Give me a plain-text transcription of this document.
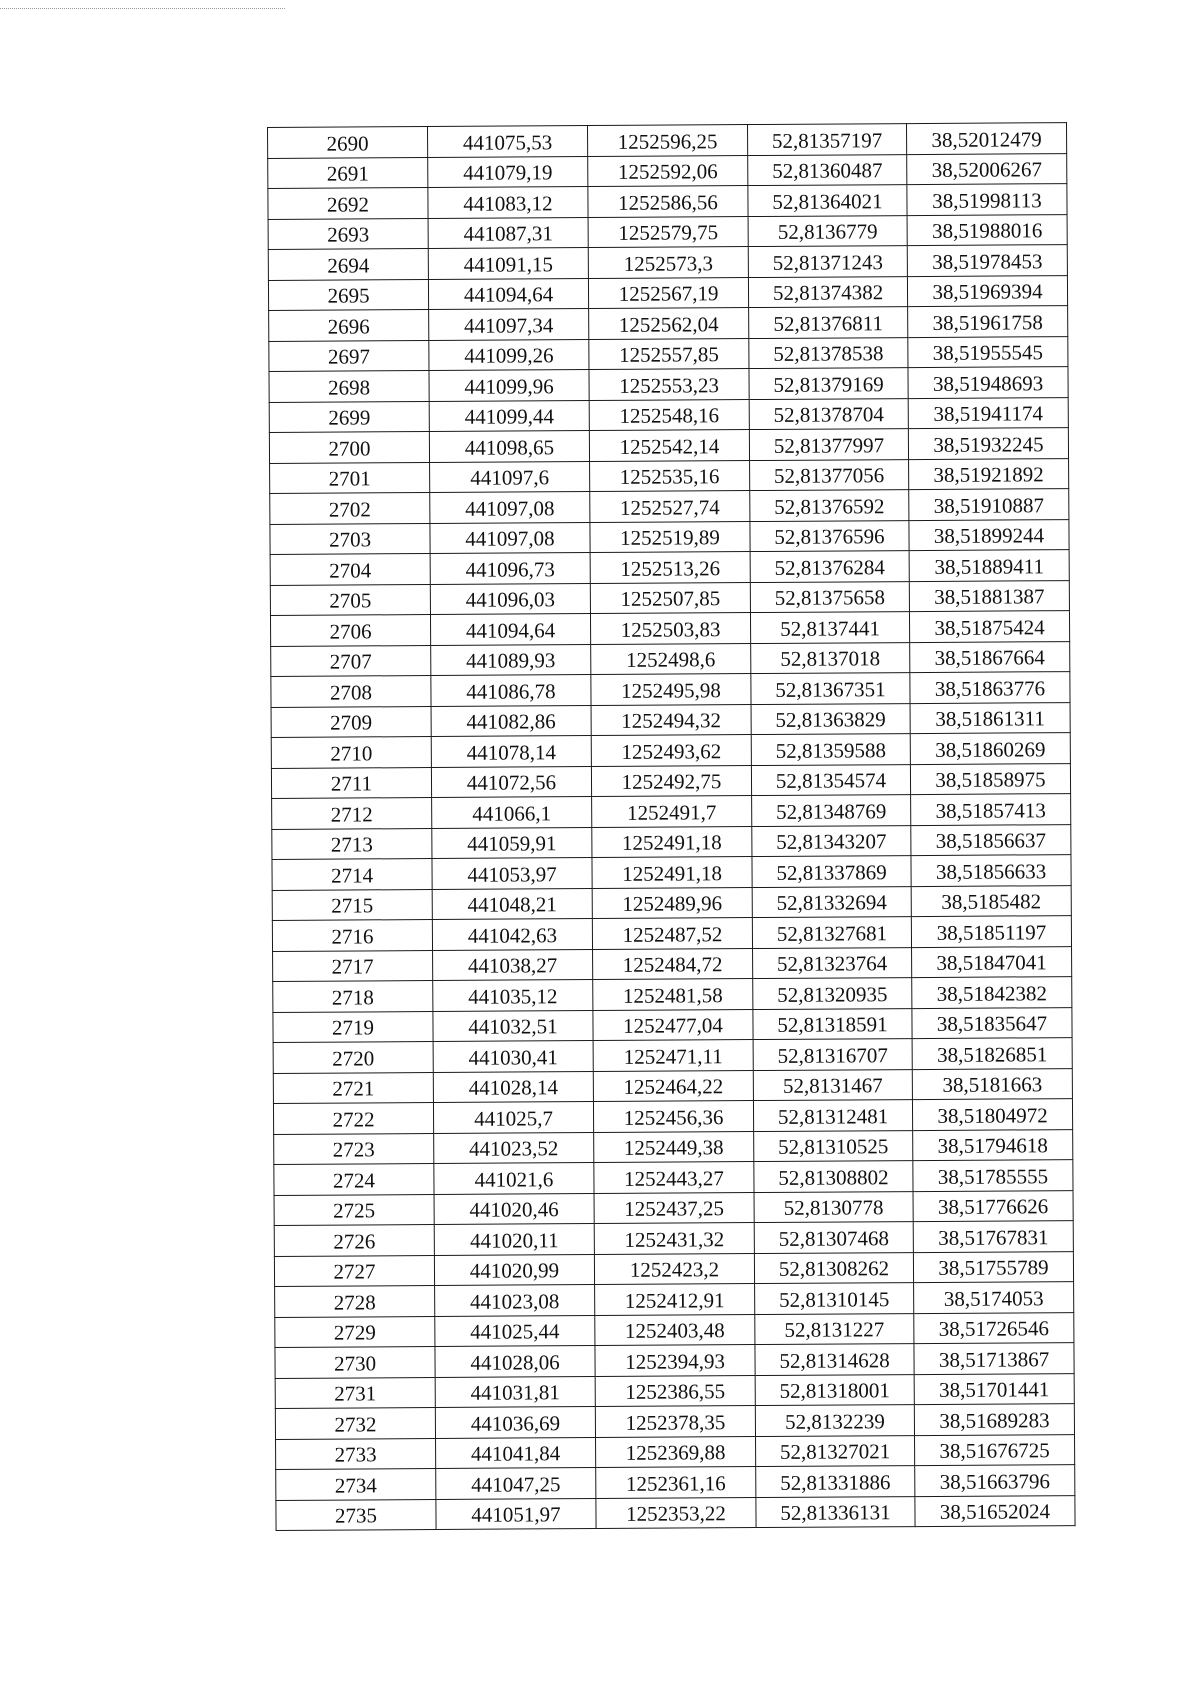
2690	441075,53	1252596,25	52,81357197	38,52012479
2691	441079,19	1252592,06	52,81360487	38,52006267
2692	441083,12	1252586,56	52,81364021	38,51998113
2693	441087,31	1252579,75	52,8136779	38,51988016
2694	441091,15	1252573,3	52,81371243	38,51978453
2695	441094,64	1252567,19	52,81374382	38,51969394
2696	441097,34	1252562,04	52,81376811	38,51961758
2697	441099,26	1252557,85	52,81378538	38,51955545
2698	441099,96	1252553,23	52,81379169	38,51948693
2699	441099,44	1252548,16	52,81378704	38,51941174
2700	441098,65	1252542,14	52,81377997	38,51932245
2701	441097,6	1252535,16	52,81377056	38,51921892
2702	441097,08	1252527,74	52,81376592	38,51910887
2703	441097,08	1252519,89	52,81376596	38,51899244
2704	441096,73	1252513,26	52,81376284	38,51889411
2705	441096,03	1252507,85	52,81375658	38,51881387
2706	441094,64	1252503,83	52,8137441	38,51875424
2707	441089,93	1252498,6	52,8137018	38,51867664
2708	441086,78	1252495,98	52,81367351	38,51863776
2709	441082,86	1252494,32	52,81363829	38,51861311
2710	441078,14	1252493,62	52,81359588	38,51860269
2711	441072,56	1252492,75	52,81354574	38,51858975
2712	441066,1	1252491,7	52,81348769	38,51857413
2713	441059,91	1252491,18	52,81343207	38,51856637
2714	441053,97	1252491,18	52,81337869	38,51856633
2715	441048,21	1252489,96	52,81332694	38,5185482
2716	441042,63	1252487,52	52,81327681	38,51851197
2717	441038,27	1252484,72	52,81323764	38,51847041
2718	441035,12	1252481,58	52,81320935	38,51842382
2719	441032,51	1252477,04	52,81318591	38,51835647
2720	441030,41	1252471,11	52,81316707	38,51826851
2721	441028,14	1252464,22	52,8131467	38,5181663
2722	441025,7	1252456,36	52,81312481	38,51804972
2723	441023,52	1252449,38	52,81310525	38,51794618
2724	441021,6	1252443,27	52,81308802	38,51785555
2725	441020,46	1252437,25	52,8130778	38,51776626
2726	441020,11	1252431,32	52,81307468	38,51767831
2727	441020,99	1252423,2	52,81308262	38,51755789
2728	441023,08	1252412,91	52,81310145	38,5174053
2729	441025,44	1252403,48	52,8131227	38,51726546
2730	441028,06	1252394,93	52,81314628	38,51713867
2731	441031,81	1252386,55	52,81318001	38,51701441
2732	441036,69	1252378,35	52,8132239	38,51689283
2733	441041,84	1252369,88	52,81327021	38,51676725
2734	441047,25	1252361,16	52,81331886	38,51663796
2735	441051,97	1252353,22	52,81336131	38,51652024
